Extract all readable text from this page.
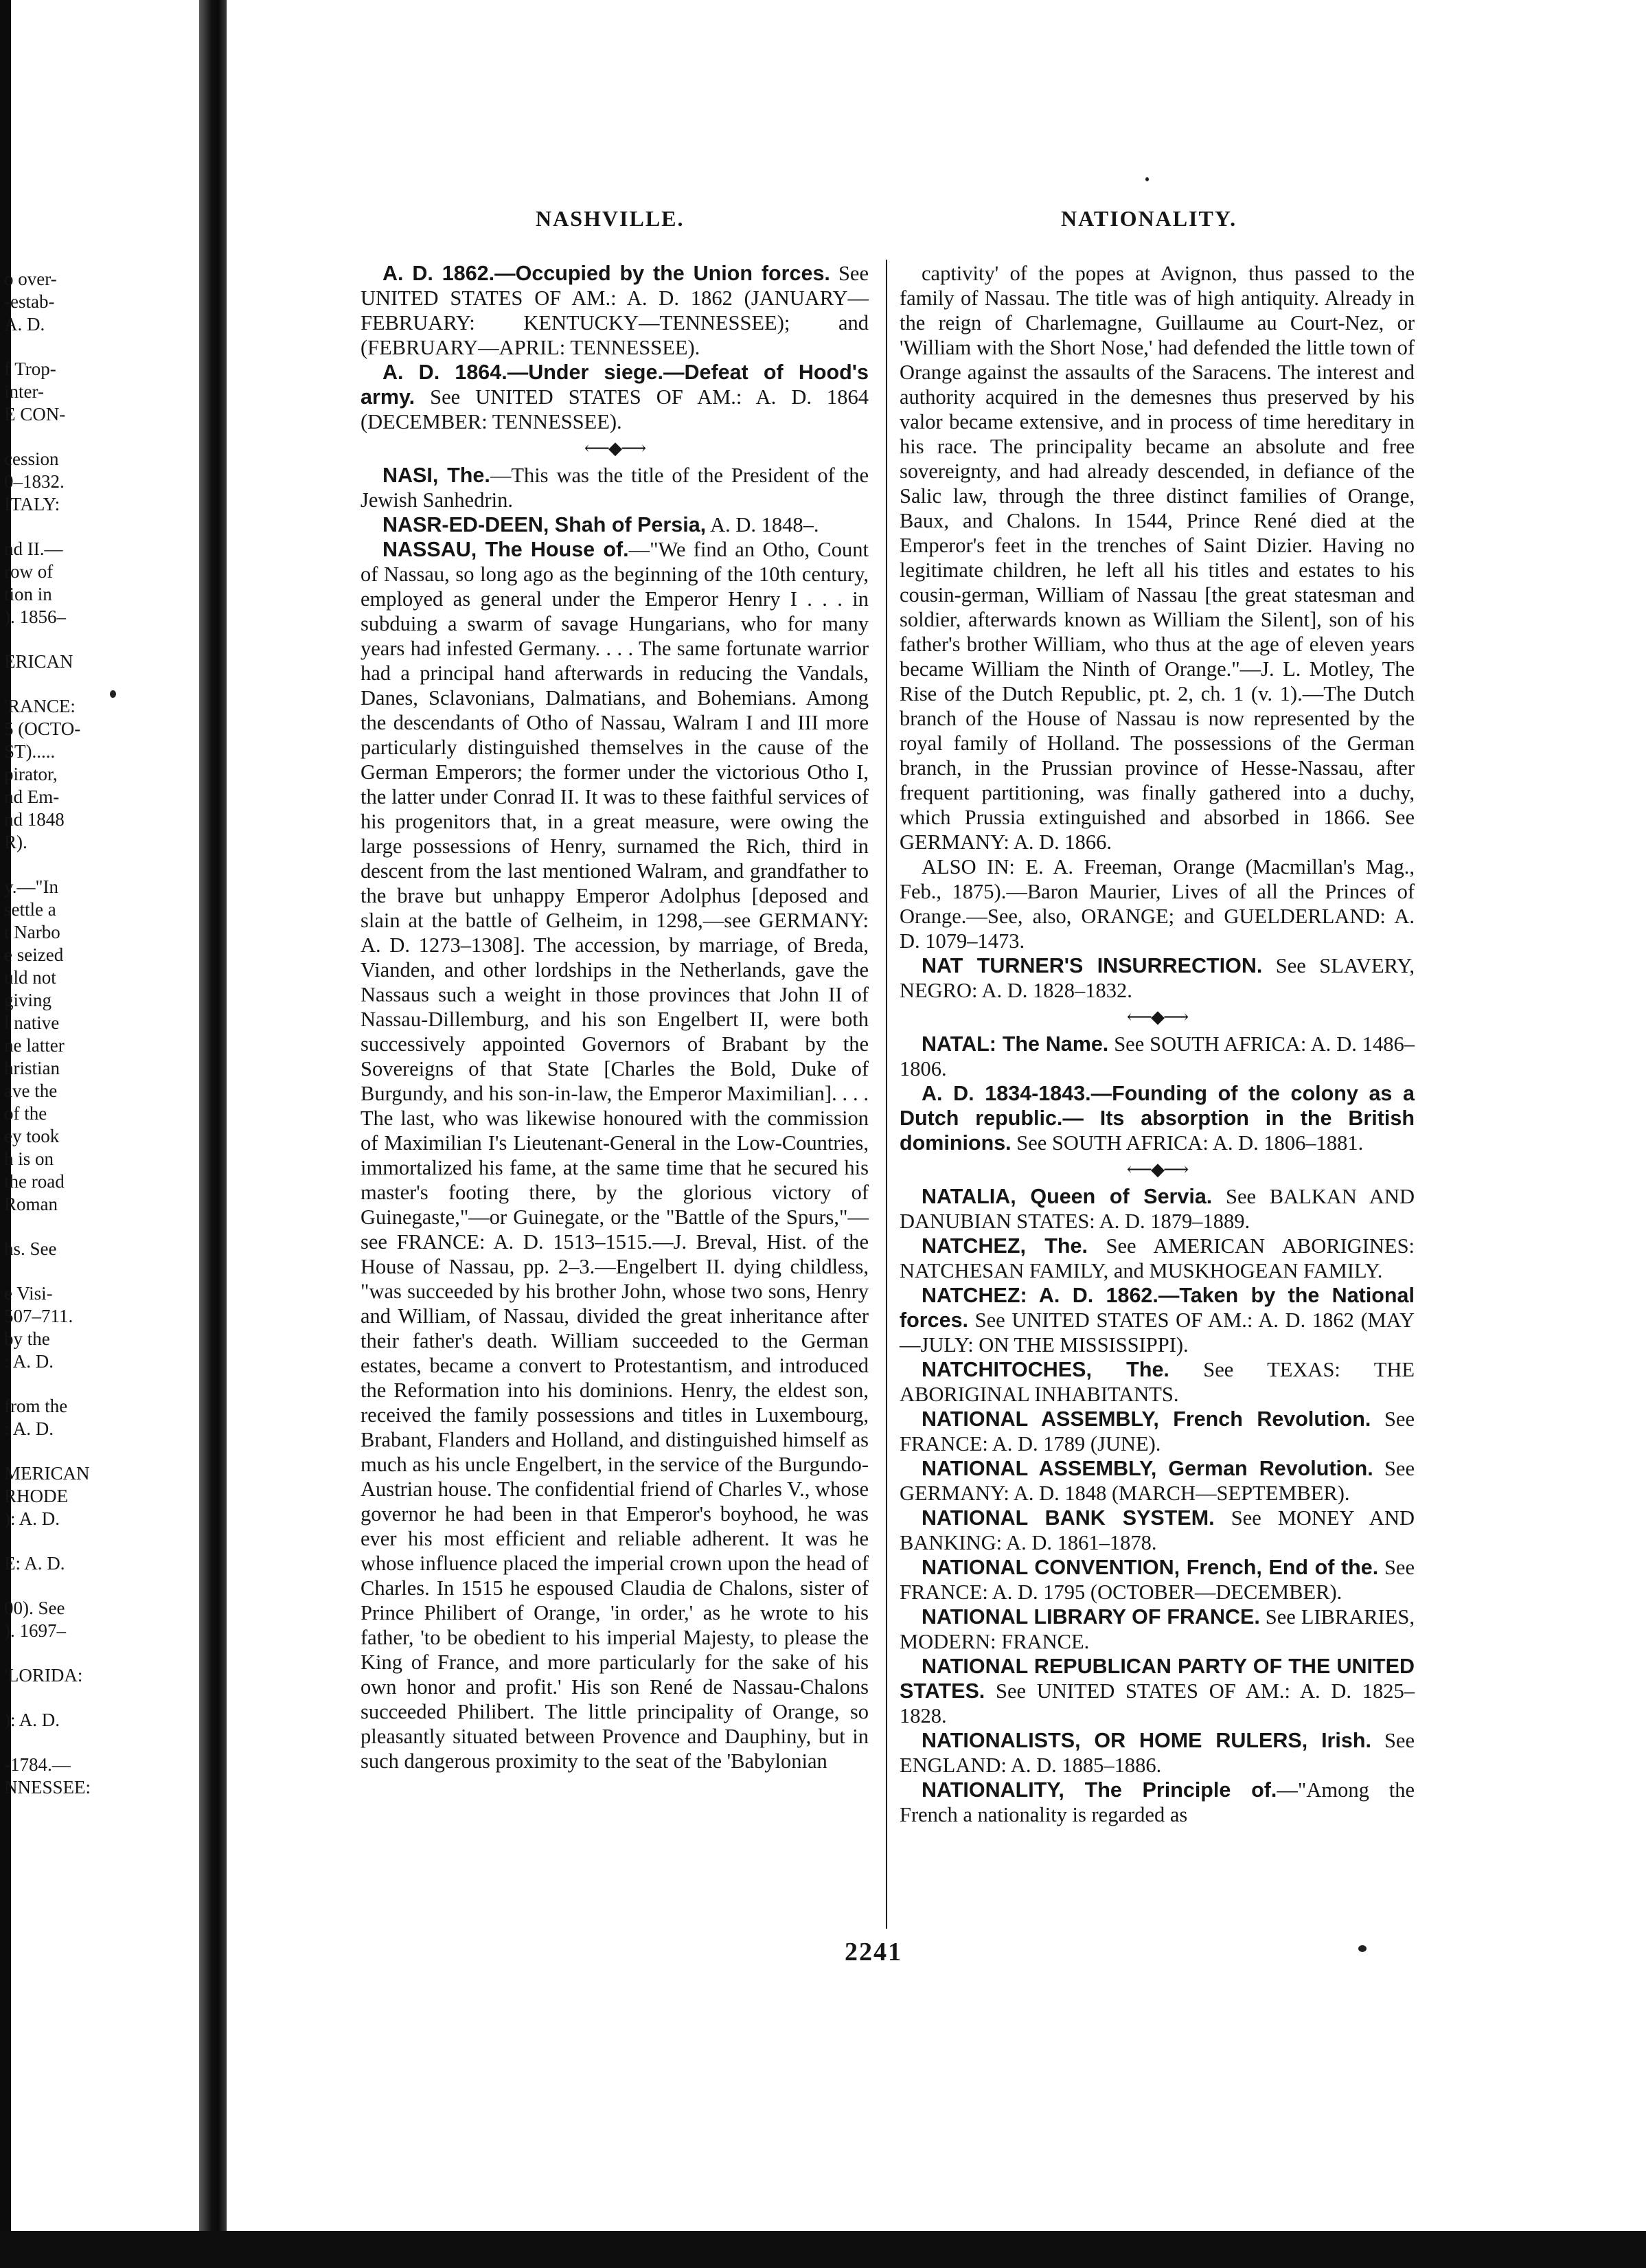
o over-

-estab-

A. D.

f Trop-

inter-

E CON-

cession

0–1832.

ITALY:

nd II.—

row of

tion in

). 1856–

ERICAN

'RANCE:

5 (OCTO-

ST).....

pirator,

nd Em-

nd 1848

R).

y.—"In

settle a

t Narbo

e seized

uld not

giving

l native

ne latter

hristian

ave the

of the

ey took

h is on

the road

Roman

hs. See

e Visi-

507–711.

by the

: A. D.

from the

: A. D.

MERICAN

RHODE

): A. D.

E: A. D.

00). See

). 1697–

'LORIDA:

): A. D.

-1784.—

NNESSEE:

NASHVILLE.	NATIONALITY.

A. D. 1862.—Occupied by the Union forces. See UNITED STATES OF AM.: A. D. 1862 (JANUARY—FEBRUARY: KENTUCKY—TENNESSEE); and (FEBRUARY—APRIL: TENNESSEE).

A. D. 1864.—Under siege.—Defeat of Hood's army. See UNITED STATES OF AM.: A. D. 1864 (DECEMBER: TENNESSEE).

⟵◆⟶

NASI, The.—This was the title of the President of the Jewish Sanhedrin.

NASR-ED-DEEN, Shah of Persia, A. D. 1848–.

NASSAU, The House of.—"We find an Otho, Count of Nassau, so long ago as the beginning of the 10th century, employed as general under the Emperor Henry I . . . in subduing a swarm of savage Hungarians, who for many years had infested Germany. . . . The same fortunate warrior had a principal hand afterwards in reducing the Vandals, Danes, Sclavonians, Dalmatians, and Bohemians. Among the descendants of Otho of Nassau, Walram I and III more particularly distinguished themselves in the cause of the German Emperors; the former under the victorious Otho I, the latter under Conrad II. It was to these faithful services of his progenitors that, in a great measure, were owing the large possessions of Henry, surnamed the Rich, third in descent from the last mentioned Walram, and grandfather to the brave but unhappy Emperor Adolphus [deposed and slain at the battle of Gelheim, in 1298,—see GERMANY: A. D. 1273–1308]. The accession, by marriage, of Breda, Vianden, and other lordships in the Netherlands, gave the Nassaus such a weight in those provinces that John II of Nassau-Dillemburg, and his son Engelbert II, were both successively appointed Governors of Brabant by the Sovereigns of that State [Charles the Bold, Duke of Burgundy, and his son-in-law, the Emperor Maximilian]. . . . The last, who was likewise honoured with the commission of Maximilian I's Lieutenant-General in the Low-Countries, immortalized his fame, at the same time that he secured his master's footing there, by the glorious victory of Guinegaste,"—or Guinegate, or the "Battle of the Spurs,"—see FRANCE: A. D. 1513–1515.—J. Breval, Hist. of the House of Nassau, pp. 2–3.—Engelbert II. dying childless, "was succeeded by his brother John, whose two sons, Henry and William, of Nassau, divided the great inheritance after their father's death. William succeeded to the German estates, became a convert to Protestantism, and introduced the Reformation into his dominions. Henry, the eldest son, received the family possessions and titles in Luxembourg, Brabant, Flanders and Holland, and distinguished himself as much as his uncle Engelbert, in the service of the Burgundo-Austrian house. The confidential friend of Charles V., whose governor he had been in that Emperor's boyhood, he was ever his most efficient and reliable adherent. It was he whose influence placed the imperial crown upon the head of Charles. In 1515 he espoused Claudia de Chalons, sister of Prince Philibert of Orange, 'in order,' as he wrote to his father, 'to be obedient to his imperial Majesty, to please the King of France, and more particularly for the sake of his own honor and profit.' His son René de Nassau-Chalons succeeded Philibert. The little principality of Orange, so pleasantly situated between Provence and Dauphiny, but in such dangerous proximity to the seat of the 'Babylonian

captivity' of the popes at Avignon, thus passed to the family of Nassau. The title was of high antiquity. Already in the reign of Charlemagne, Guillaume au Court-Nez, or 'William with the Short Nose,' had defended the little town of Orange against the assaults of the Saracens. The interest and authority acquired in the demesnes thus preserved by his valor became extensive, and in process of time hereditary in his race. The principality became an absolute and free sovereignty, and had already descended, in defiance of the Salic law, through the three distinct families of Orange, Baux, and Chalons. In 1544, Prince René died at the Emperor's feet in the trenches of Saint Dizier. Having no legitimate children, he left all his titles and estates to his cousin-german, William of Nassau [the great statesman and soldier, afterwards known as William the Silent], son of his father's brother William, who thus at the age of eleven years became William the Ninth of Orange."—J. L. Motley, The Rise of the Dutch Republic, pt. 2, ch. 1 (v. 1).—The Dutch branch of the House of Nassau is now represented by the royal family of Holland. The possessions of the German branch, in the Prussian province of Hesse-Nassau, after frequent partitioning, was finally gathered into a duchy, which Prussia extinguished and absorbed in 1866. See GERMANY: A. D. 1866.

ALSO IN: E. A. Freeman, Orange (Macmillan's Mag., Feb., 1875).—Baron Maurier, Lives of all the Princes of Orange.—See, also, ORANGE; and GUELDERLAND: A. D. 1079–1473.

NAT TURNER'S INSURRECTION. See SLAVERY, NEGRO: A. D. 1828–1832.

⟵◆⟶

NATAL: The Name. See SOUTH AFRICA: A. D. 1486–1806.

A. D. 1834-1843.—Founding of the colony as a Dutch republic.— Its absorption in the British dominions. See SOUTH AFRICA: A. D. 1806–1881.

⟵◆⟶

NATALIA, Queen of Servia. See BALKAN AND DANUBIAN STATES: A. D. 1879–1889.

NATCHEZ, The. See AMERICAN ABORIGINES: NATCHESAN FAMILY, and MUSKHOGEAN FAMILY.

NATCHEZ: A. D. 1862.—Taken by the National forces. See UNITED STATES OF AM.: A. D. 1862 (MAY—JULY: ON THE MISSISSIPPI).

NATCHITOCHES, The. See TEXAS: THE ABORIGINAL INHABITANTS.

NATIONAL ASSEMBLY, French Revolution. See FRANCE: A. D. 1789 (JUNE).

NATIONAL ASSEMBLY, German Revolution. See GERMANY: A. D. 1848 (MARCH—SEPTEMBER).

NATIONAL BANK SYSTEM. See MONEY AND BANKING: A. D. 1861–1878.

NATIONAL CONVENTION, French, End of the. See FRANCE: A. D. 1795 (OCTOBER—DECEMBER).

NATIONAL LIBRARY OF FRANCE. See LIBRARIES, MODERN: FRANCE.

NATIONAL REPUBLICAN PARTY OF THE UNITED STATES. See UNITED STATES OF AM.: A. D. 1825–1828.

NATIONALISTS, OR HOME RULERS, Irish. See ENGLAND: A. D. 1885–1886.

NATIONALITY, The Principle of.—"Among the French a nationality is regarded as

2241
